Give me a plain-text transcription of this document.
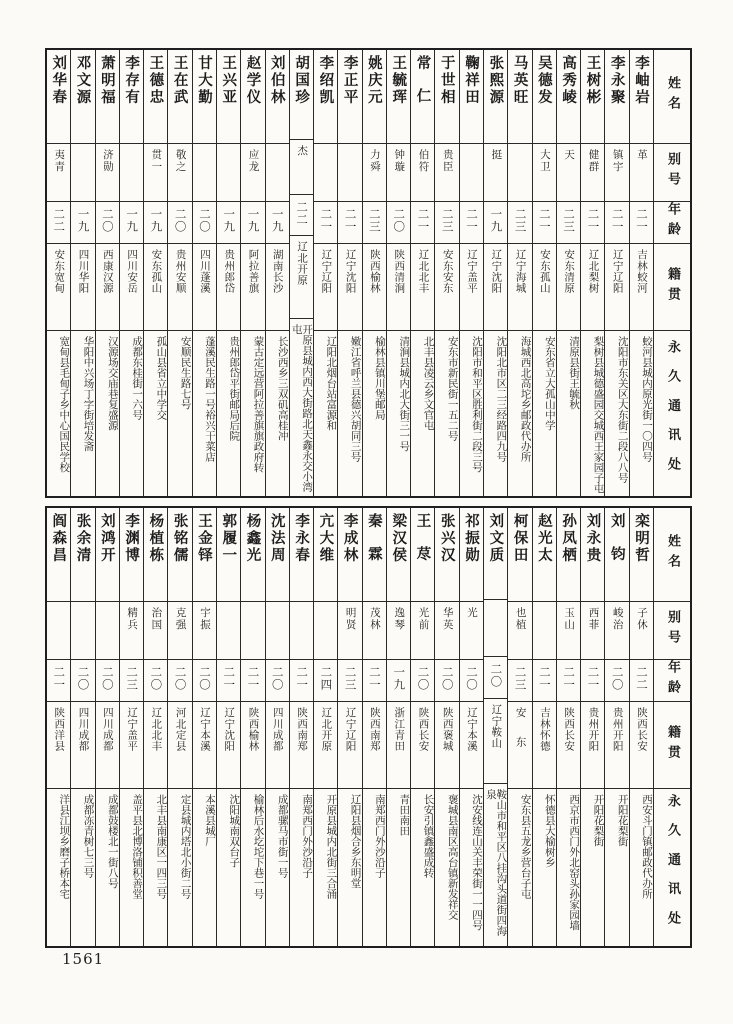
姓名
别号
年龄
籍贯
永久通讯处
李岫岩
革
二一
吉林蛟河
蛟河县城内原光街一〇四号
李永聚
镇宇
二一
辽宁辽阳
沈阳市东关区大东街二段八八号
王树彬
健群
二一
辽北梨树
梨树县城德盛园交城西王家园子屯
高秀崚
天
二三
安东清原
清原县街王毓秋
吴德发
大卫
二一
安东孤山
安东省立大孤山中学
马英旺
二三
辽宁海城
海城西北高坨乡邮政代办所
张熙源
挺
一九
辽宁沈阳
沈阳北市区二三经路四九号
鞠祥田
二一
辽宁盖平
沈阳市和平区胜利街二段三号
于世相
贵臣
二三
安东安东
安东市新民街一五二号
常仁
伯符
二一
辽北北丰
北丰县凌云乡文官屯
王毓珲
钟璇
二〇
陕西清涧
清涧县城内北大街三一号
姚庆元
力舜
二三
陕西榆林
榆林县镇川堡邮局
李正平
二一
辽宁沈阳
嫩江省呼兰县德兴胡同三号
李绍凯
二一
辽宁辽阳
辽阳北烟台站富源和
胡国珍
杰
二二
辽北开原
开原县城内西大街路北天鑫永交小湾屯
刘伯林
一九
湖南长沙
长沙西乡三双矶高桂冲
赵学仪
应龙
一九
阿拉善旗
蒙古定远营阿拉善旗旗政府转
王兴亚
一九
贵州郎岱
贵州郎岱平街邮局后院
甘大勤
二〇
四川蓬溪
蓬溪民生路一号裕兴干菜店
王在武
敬之
二〇
贵州安顺
安顺民生路七号
王德忠
贯一
一九
安东孤山
孤山县省立中学交
李存有
一九
四川安岳
成都东桂街一六号
萧明福
济勋
二〇
西康汉源
汉源场交庙巷复盛源
邓文源
一九
四川华阳
华阳中兴场丁字街培发斋
刘华春
夷青
二二
安东宽甸
宽甸县毛甸子乡中心国民学校
姓名
别号
年龄
籍贯
永久通讯处
栾明哲
子休
二二
陕西长安
西安斗门镇邮政代办所
刘钧
峻治
二〇
贵州开阳
开阳花梨街
刘永贵
西菲
二一
贵州开阳
开阳花梨街
孙凤栖
玉山
二一
陕西长安
西京市西门外北窑头孙家园墙
赵光太
二一
吉林怀德
怀德县大榆树乡
柯保田
也植
二三
安东
安东县五龙乡营台子屯
刘文质
二〇
辽宁鞍山
鞍山市和平区八挂沟头道街四海泉
祁振勋
光
二〇
辽宁本溪
沈安线连山关丰荣街一一四号
张兴汉
华英
二〇
陕西褒城
褒城县南区高台镇新发祥交
王荩
光前
二〇
陕西长安
长安引镇鑫盛成转
梁汉侯
逸琴
一九
浙江青田
青田南田
秦霖
茂林
二一
陕西南郑
南郑西门外沙沿子
李成林
明贤
二三
辽宁辽阳
辽阳县烟合乡东明堂
亢大维
二四
辽北开原
开原县城内北街三合涌
李永春
二一
陕西南郑
南郑西门外沙沿子
沈法周
二〇
四川成都
成都骡马市街一号
杨鑫光
二一
陕西榆林
榆林后水圪坨下巷一号
郭履一
二一
辽宁沈阳
沈阳城南双台子
王金铎
宇振
二〇
辽宁本溪
本溪县城厂
张铭儒
克强
二〇
河北定县
定县城内塔北小街二号
杨植栋
治国
二〇
辽北北丰
北丰县南康区一四三号
李渊博
精兵
二三
辽宁盖平
盖平县北博洛铺积善堂
刘鸿开
二〇
四川成都
成都鼓楼北一街八号
张余清
二〇
四川成都
成都冻青树七三号
阎森昌
二一
陕西洋县
洋县江坝乡磨子桥本宅
1561
